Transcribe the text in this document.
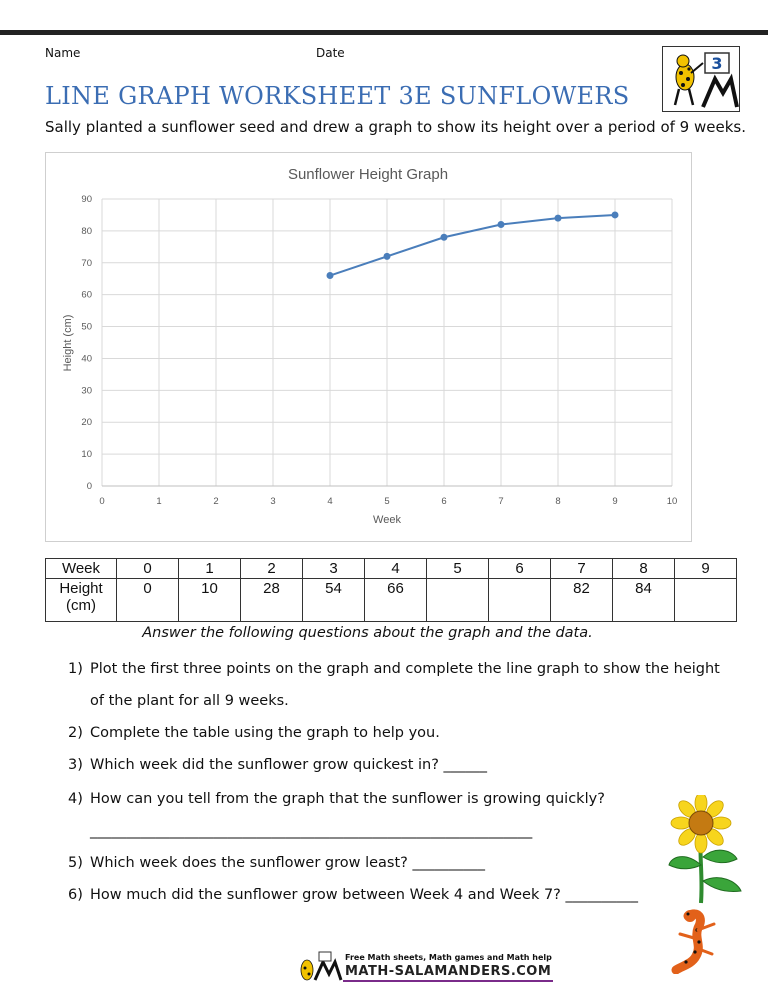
Name	Date
3
LINE GRAPH WORKSHEET 3E SUNFLOWERS
Sally planted a sunflower seed and drew a graph to show its height over a period of 9 weeks.
0	1	2	3	4	5	6	7	8	9	10
0
10
20
30
40
50
60
70
80
90
Sunflower Height Graph
Week
Height (cm)
Week	0	1	2	3	4	5	6	7	8	9
Height (cm)	0	10	28	54	66			82	84	
Answer the following questions about the graph and the data.
1) Plot the first three points on the graph and complete the line graph to show the height
of the plant for all 9 weeks.
2) Complete the table using the graph to help you.
3) Which week did the sunflower grow quickest in? ______
4) How can you tell from the graph that the sunflower is growing quickly?
_____________________________________________________________
5) Which week does the sunflower grow least? __________
6) How much did the sunflower grow between Week 4 and Week 7? __________
Free Math sheets, Math games and Math help
MATH-SALAMANDERS.COM
